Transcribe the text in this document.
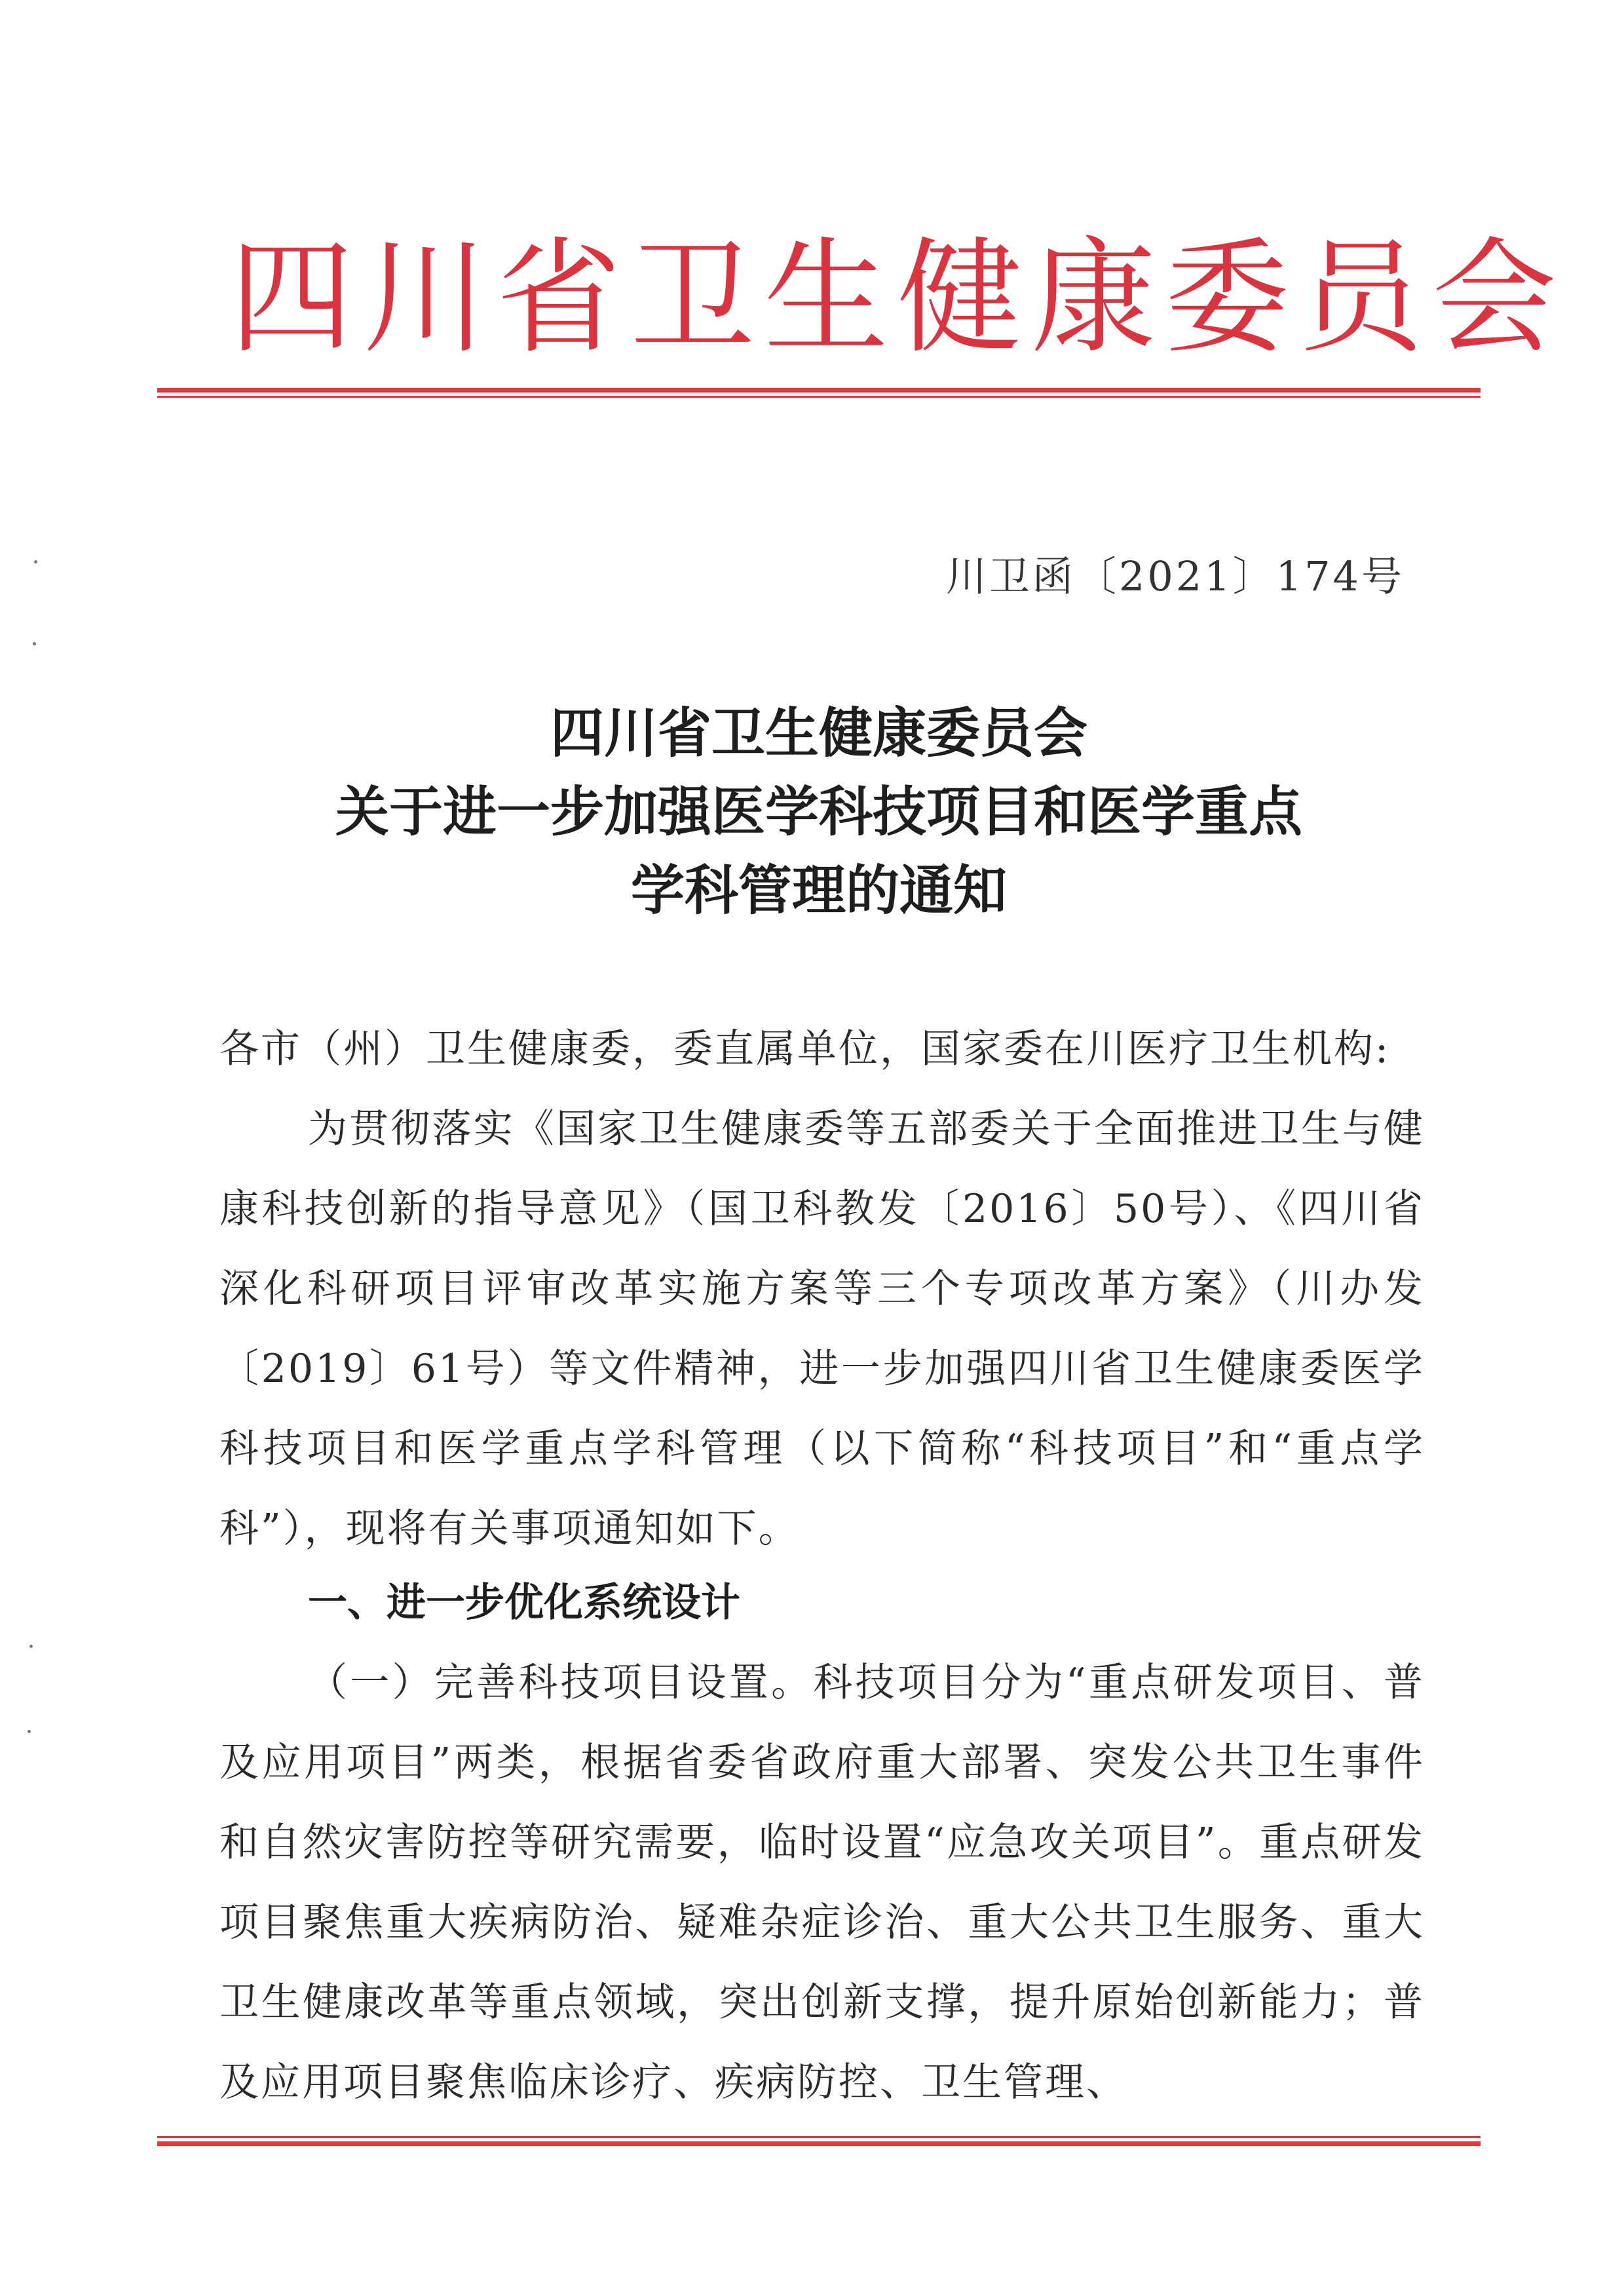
四川省卫生健康委员会
川卫函〔2021〕174号
四川省卫生健康委员会
关于进一步加强医学科技项目和医学重点
学科管理的通知
各市（州）卫生健康委，委直属单位，国家委在川医疗卫生机构:
为贯彻落实《国家卫生健康委等五部委关于全面推进卫生与健康科技创新的指导意见》（国卫科教发〔2016〕50号）、《四川省深化科研项目评审改革实施方案等三个专项改革方案》（川办发〔2019〕61号）等文件精神，进一步加强四川省卫生健康委医学科技项目和医学重点学科管理（以下简称“科技项目”和“重点学科”），现将有关事项通知如下。
一、进一步优化系统设计
（一）完善科技项目设置。科技项目分为“重点研发项目、普及应用项目”两类，根据省委省政府重大部署、突发公共卫生事件和自然灾害防控等研究需要，临时设置“应急攻关项目”。重点研发项目聚焦重大疾病防治、疑难杂症诊治、重大公共卫生服务、重大卫生健康改革等重点领域，突出创新支撑，提升原始创新能力；普及应用项目聚焦临床诊疗、疾病防控、卫生管理、
